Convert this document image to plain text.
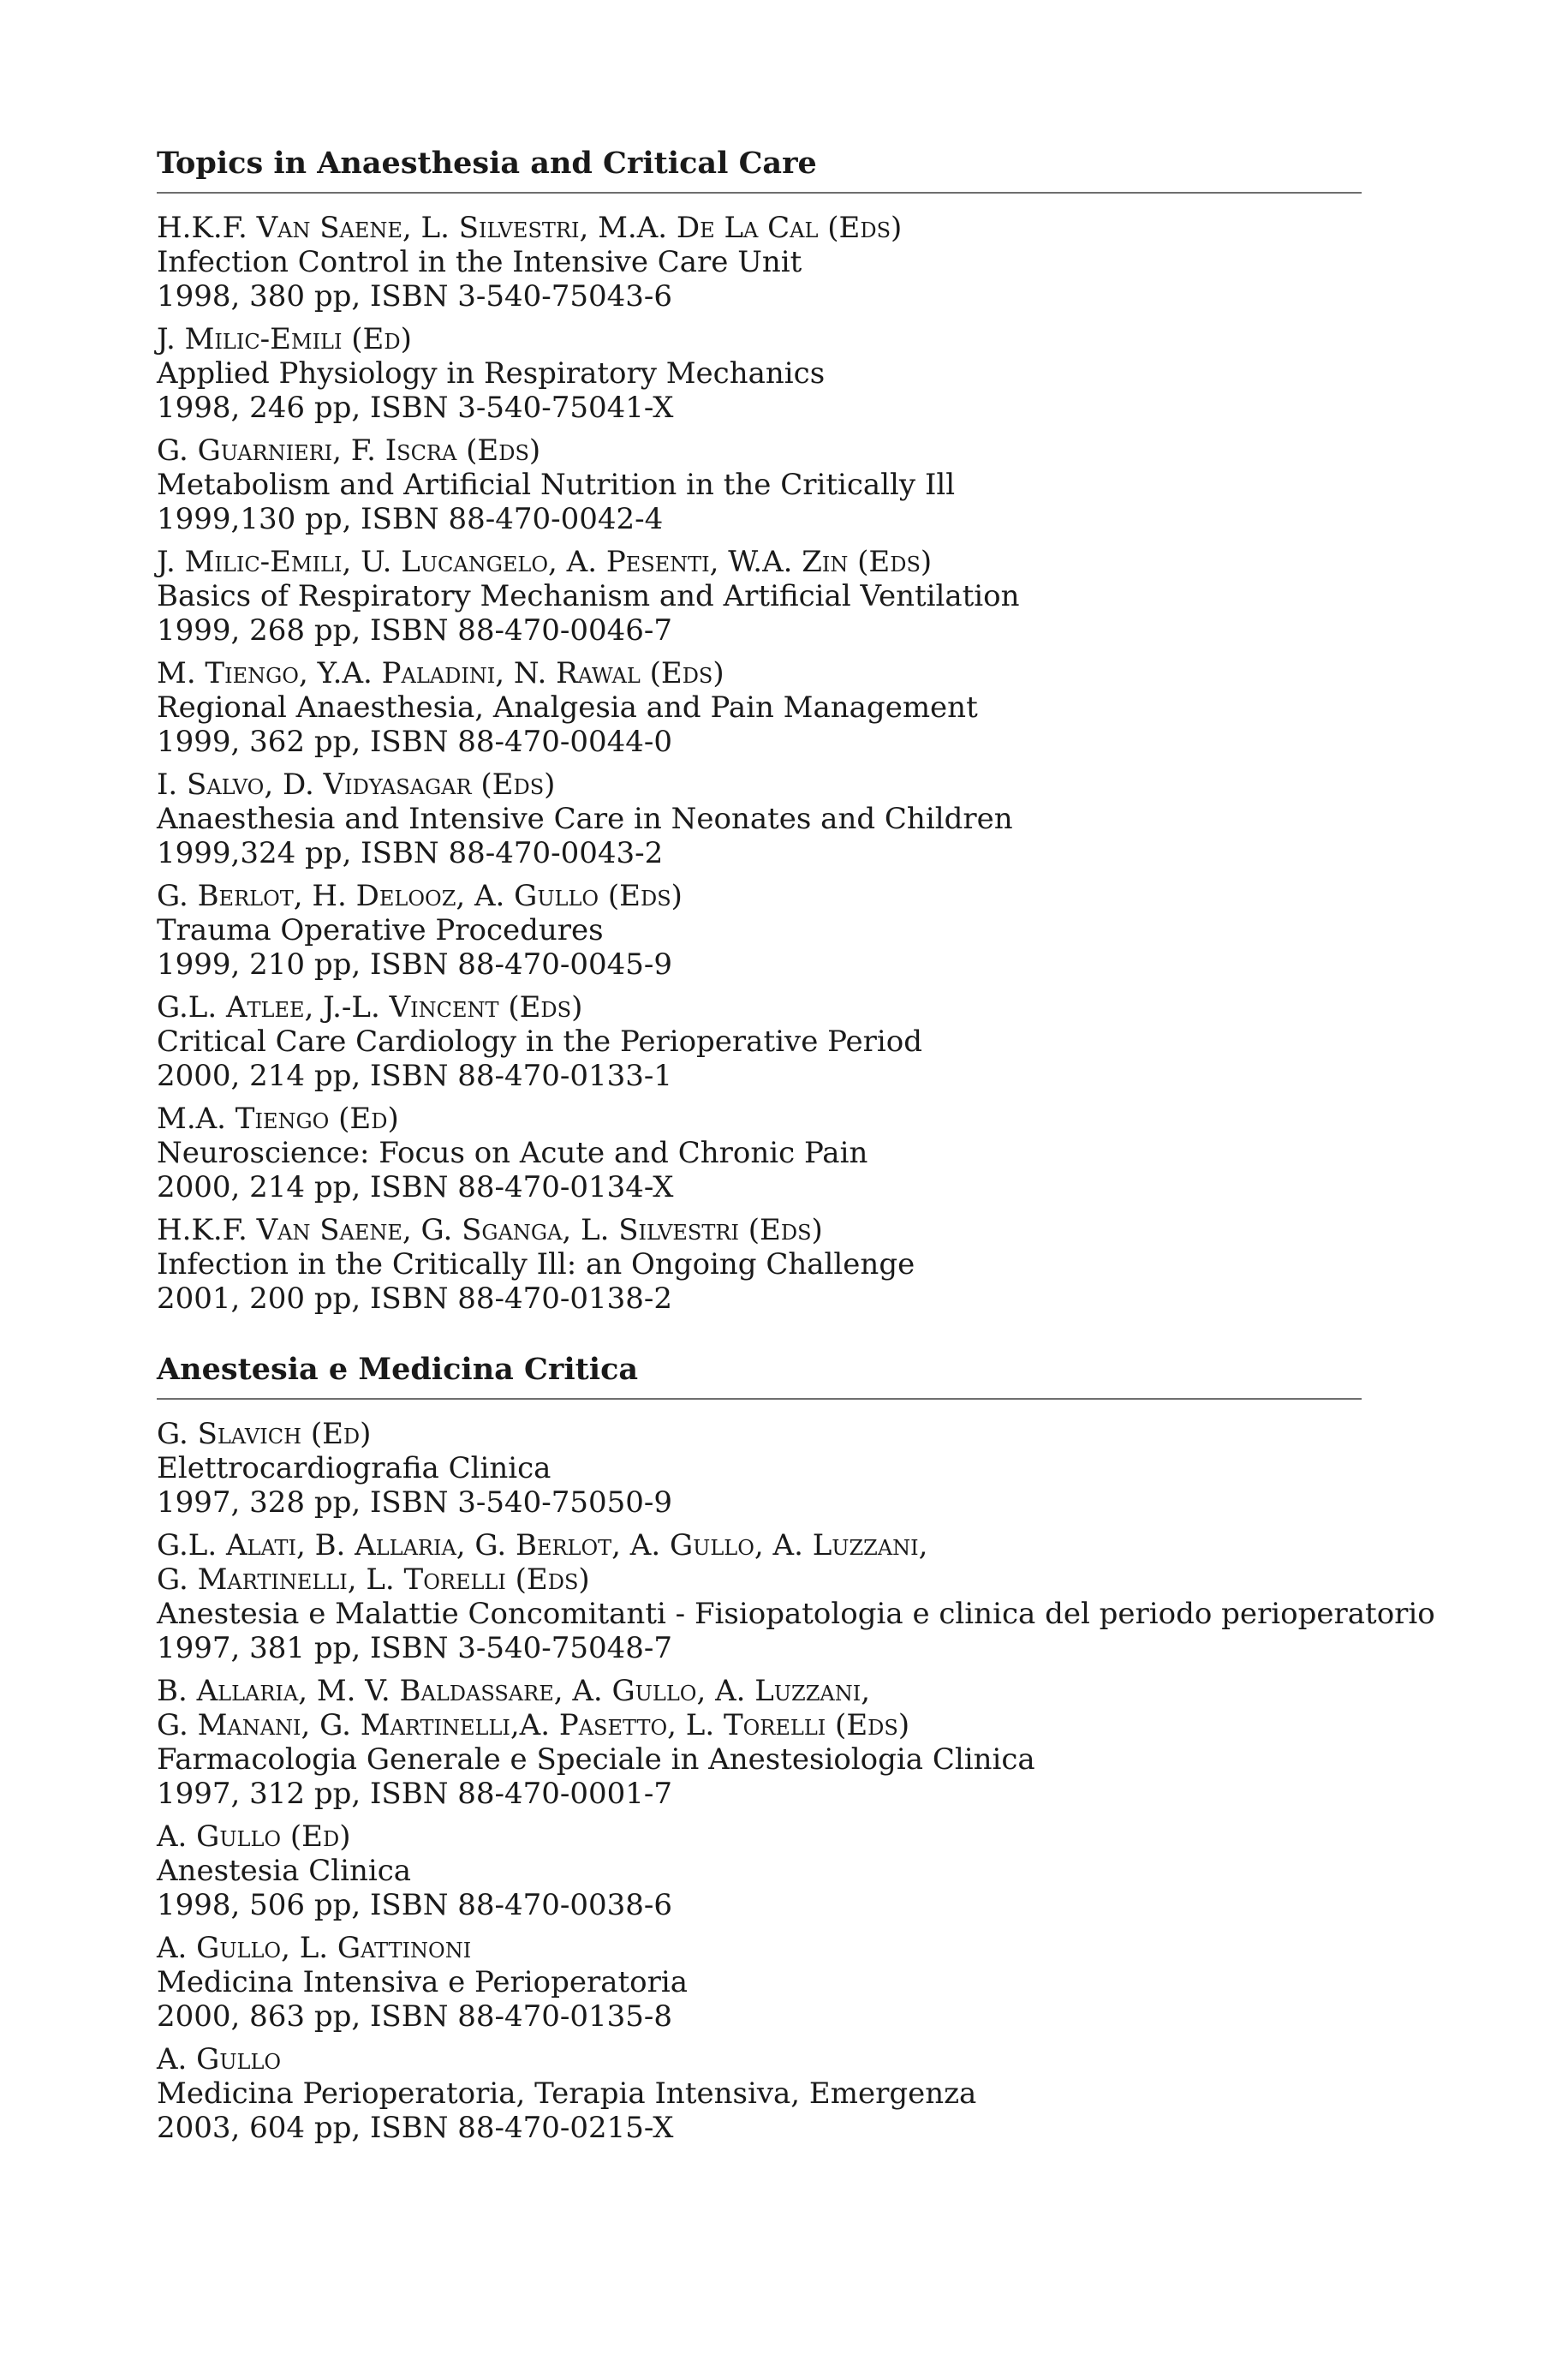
Topics in Anaesthesia and Critical Care
H.K.F. Van Saene, L. Silvestri, M.A. De La Cal (Eds)
Infection Control in the Intensive Care Unit
1998, 380 pp, ISBN 3-540-75043-6
J. Milic-Emili (Ed)
Applied Physiology in Respiratory Mechanics
1998, 246 pp, ISBN 3-540-75041-X
G. Guarnieri, F. Iscra (Eds)
Metabolism and Artificial Nutrition in the Critically Ill
1999,130 pp, ISBN 88-470-0042-4
J. Milic-Emili, U. Lucangelo, A. Pesenti, W.A. Zin (Eds)
Basics of Respiratory Mechanism and Artificial Ventilation
1999, 268 pp, ISBN 88-470-0046-7
M. Tiengo, Y.A. Paladini, N. Rawal (Eds)
Regional Anaesthesia, Analgesia and Pain Management
1999, 362 pp, ISBN 88-470-0044-0
I. Salvo, D. Vidyasagar (Eds)
Anaesthesia and Intensive Care in Neonates and Children
1999,324 pp, ISBN 88-470-0043-2
G. Berlot, H. Delooz, A. Gullo (Eds)
Trauma Operative Procedures
1999, 210 pp, ISBN 88-470-0045-9
G.L. Atlee, J.-L. Vincent (Eds)
Critical Care Cardiology in the Perioperative Period
2000, 214 pp, ISBN 88-470-0133-1
M.A. Tiengo (Ed)
Neuroscience: Focus on Acute and Chronic Pain
2000, 214 pp, ISBN 88-470-0134-X
H.K.F. Van Saene, G. Sganga, L. Silvestri (Eds)
Infection in the Critically Ill: an Ongoing Challenge
2001, 200 pp, ISBN 88-470-0138-2
Anestesia e Medicina Critica
G. Slavich (Ed)
Elettrocardiografia Clinica
1997, 328 pp, ISBN 3-540-75050-9
G.L. Alati, B. Allaria, G. Berlot, A. Gullo, A. Luzzani,
G. Martinelli, L. Torelli (Eds)
Anestesia e Malattie Concomitanti - Fisiopatologia e clinica del periodo perioperatorio
1997, 381 pp, ISBN 3-540-75048-7
B. Allaria, M. V. Baldassare, A. Gullo, A. Luzzani,
G. Manani, G. Martinelli,A. Pasetto, L. Torelli (Eds)
Farmacologia Generale e Speciale in Anestesiologia Clinica
1997, 312 pp, ISBN 88-470-0001-7
A. Gullo (Ed)
Anestesia Clinica
1998, 506 pp, ISBN 88-470-0038-6
A. Gullo, L. Gattinoni
Medicina Intensiva e Perioperatoria
2000, 863 pp, ISBN 88-470-0135-8
A. Gullo
Medicina Perioperatoria, Terapia Intensiva, Emergenza
2003, 604 pp, ISBN 88-470-0215-X
